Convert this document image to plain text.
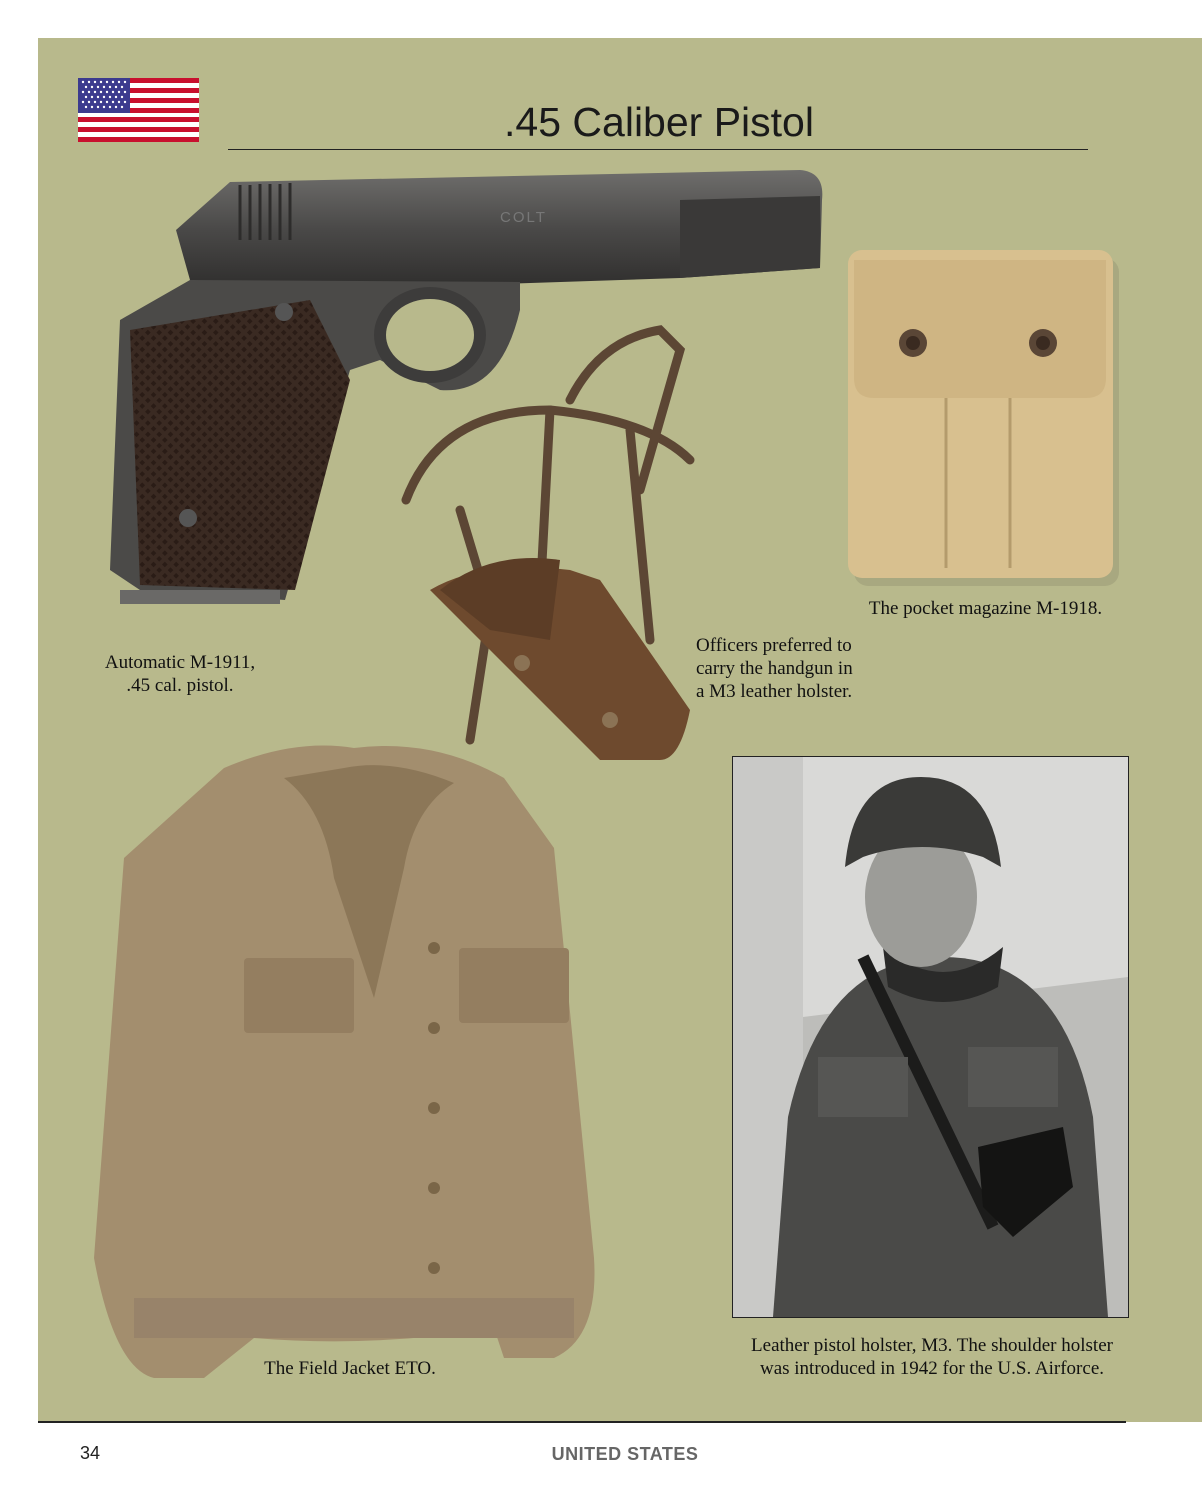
.45 Caliber Pistol
COLT
Automatic M-1911,
.45 cal. pistol.
The pocket magazine M-1918.
Officers preferred to
carry the handgun in
a M3 leather holster.
The Field Jacket ETO.
Leather pistol holster, M3. The shoulder holster
was introduced in 1942 for the U.S. Airforce.
34	UNITED STATES
